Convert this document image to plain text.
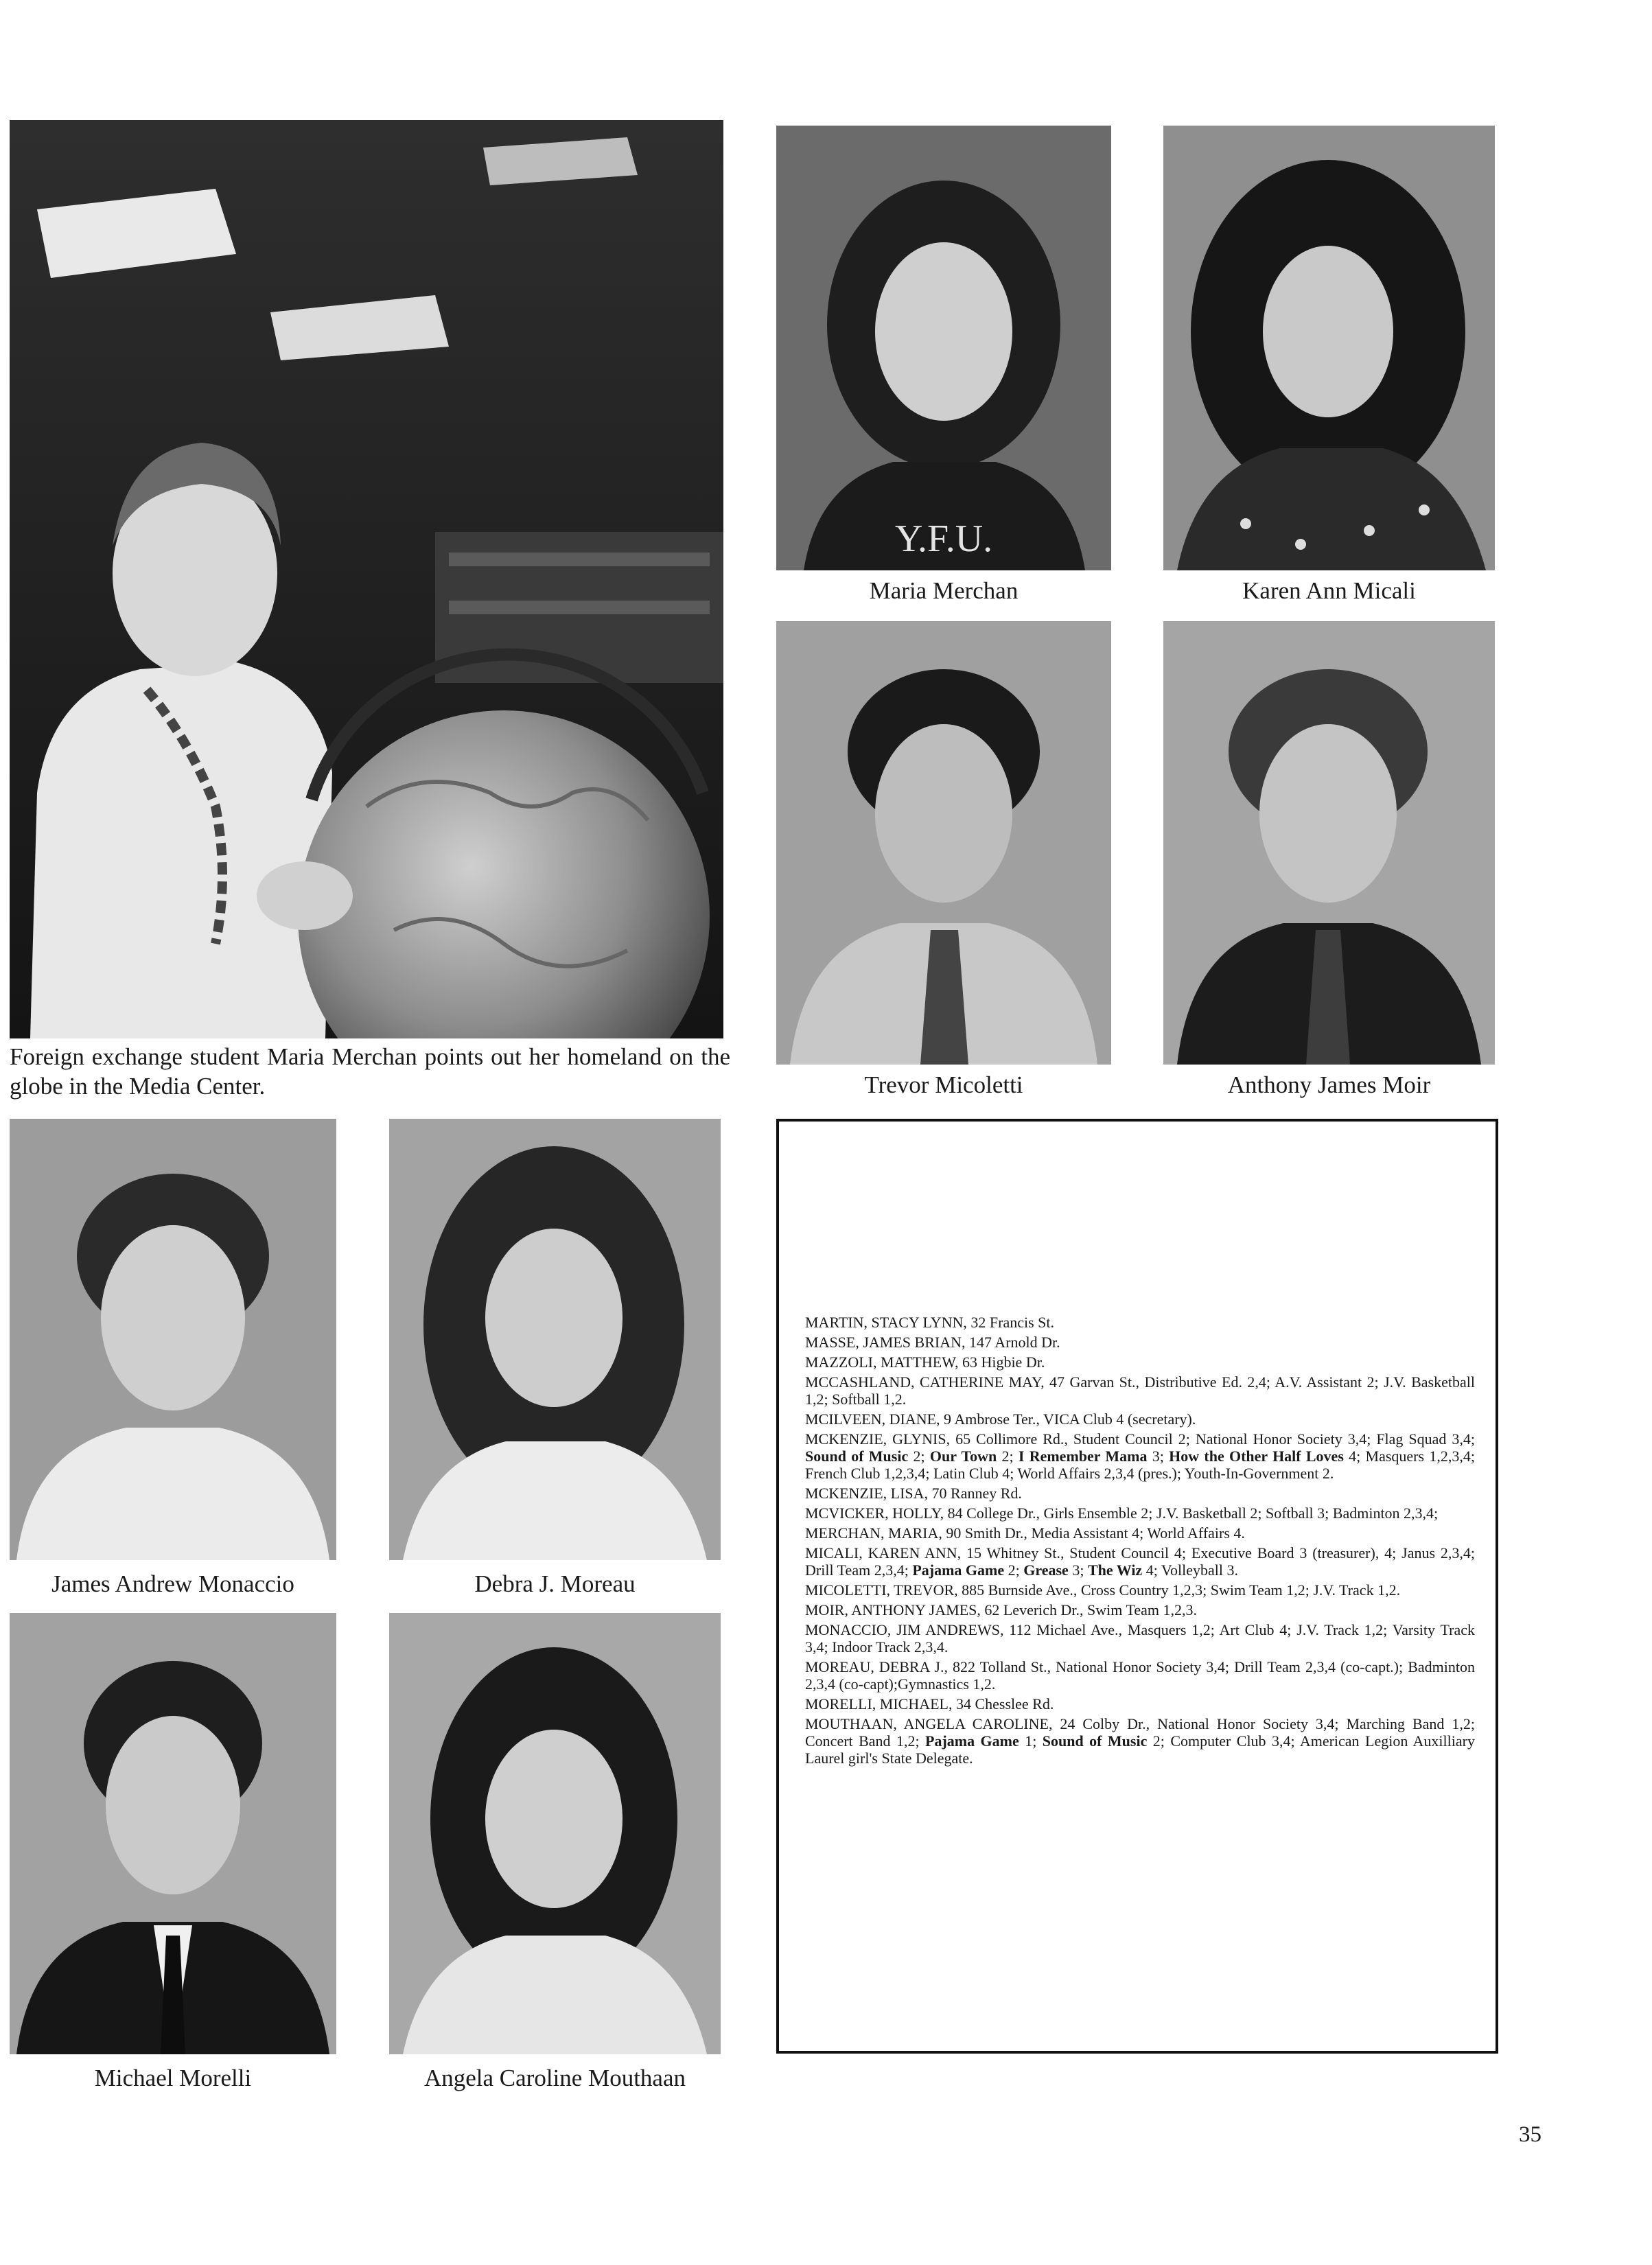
Foreign exchange student Maria Merchan points out her homeland on the globe in the Media Center.
Y.F.U.
Maria Merchan	Karen Ann Micali
Trevor Micoletti	Anthony James Moir
James Andrew Monaccio	Debra J. Moreau
Michael Morelli	Angela Caroline Mouthaan
MARTIN, STACY LYNN, 32 Francis St.
MASSE, JAMES BRIAN, 147 Arnold Dr.
MAZZOLI, MATTHEW, 63 Higbie Dr.
MCCASHLAND, CATHERINE MAY, 47 Garvan St., Distributive Ed. 2,4; A.V. Assistant 2; J.V. Basketball 1,2; Softball 1,2.
MCILVEEN, DIANE, 9 Ambrose Ter., VICA Club 4 (secretary).
MCKENZIE, GLYNIS, 65 Collimore Rd., Student Council 2; National Honor Society 3,4; Flag Squad 3,4; Sound of Music 2; Our Town 2; I Remember Mama 3; How the Other Half Loves 4; Masquers 1,2,3,4; French Club 1,2,3,4; Latin Club 4; World Affairs 2,3,4 (pres.); Youth-In-Government 2.
MCKENZIE, LISA, 70 Ranney Rd.
MCVICKER, HOLLY, 84 College Dr., Girls Ensemble 2; J.V. Basketball 2; Softball 3; Badminton 2,3,4;
MERCHAN, MARIA, 90 Smith Dr., Media Assistant 4; World Affairs 4.
MICALI, KAREN ANN, 15 Whitney St., Student Council 4; Executive Board 3 (treasurer), 4; Janus 2,3,4; Drill Team 2,3,4; Pajama Game 2; Grease 3; The Wiz 4; Volleyball 3.
MICOLETTI, TREVOR, 885 Burnside Ave., Cross Country 1,2,3; Swim Team 1,2; J.V. Track 1,2.
MOIR, ANTHONY JAMES, 62 Leverich Dr., Swim Team 1,2,3.
MONACCIO, JIM ANDREWS, 112 Michael Ave., Masquers 1,2; Art Club 4; J.V. Track 1,2; Varsity Track 3,4; Indoor Track 2,3,4.
MOREAU, DEBRA J., 822 Tolland St., National Honor Society 3,4; Drill Team 2,3,4 (co-capt.); Badminton 2,3,4 (co-capt);Gymnastics 1,2.
MORELLI, MICHAEL, 34 Chesslee Rd.
MOUTHAAN, ANGELA CAROLINE, 24 Colby Dr., National Honor Society 3,4; Marching Band 1,2; Concert Band 1,2; Pajama Game 1; Sound of Music 2; Computer Club 3,4; American Legion Auxilliary Laurel girl's State Delegate.
35
